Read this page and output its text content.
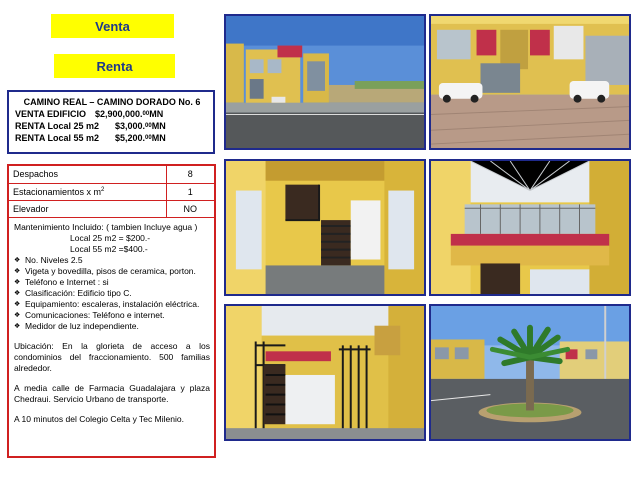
Venta
Renta
CAMINO REAL – CAMINO DORADO No. 6
VENTA EDIFICIO $2,900,000. 00 MN
RENTA Local 25 m2	$3,000. 00 MN
RENTA Local 55 m2	$5,200. 00 MN
Despachos	8
Estacionamientos x $m^2$	1
Elevador	NO
Mantenimiento Incluido: ( tambien Incluye agua )
Local 25 m2 = $200.-
Local 55 m2 =$400.-
❖ No. Niveles 2.5
❖ Vigeta y bovedilla, pisos de ceramica, porton.
❖ Teléfono e Internet : si
❖ Clasificación: Edificio tipo C.
❖ Equipamiento: escaleras, instalación eléctrica.
❖ Comunicaciones: Teléfono e internet.
❖ Medidor de luz independiente.

Ubicación: En la glorieta de acceso a los condominios del fraccionamiento. 500 familias alrededor.

A media calle de Farmacia Guadalajara y plaza Chedraui. Servicio Urbano de transporte.

A 10 minutos del Colegio Celta y Tec Milenio.
